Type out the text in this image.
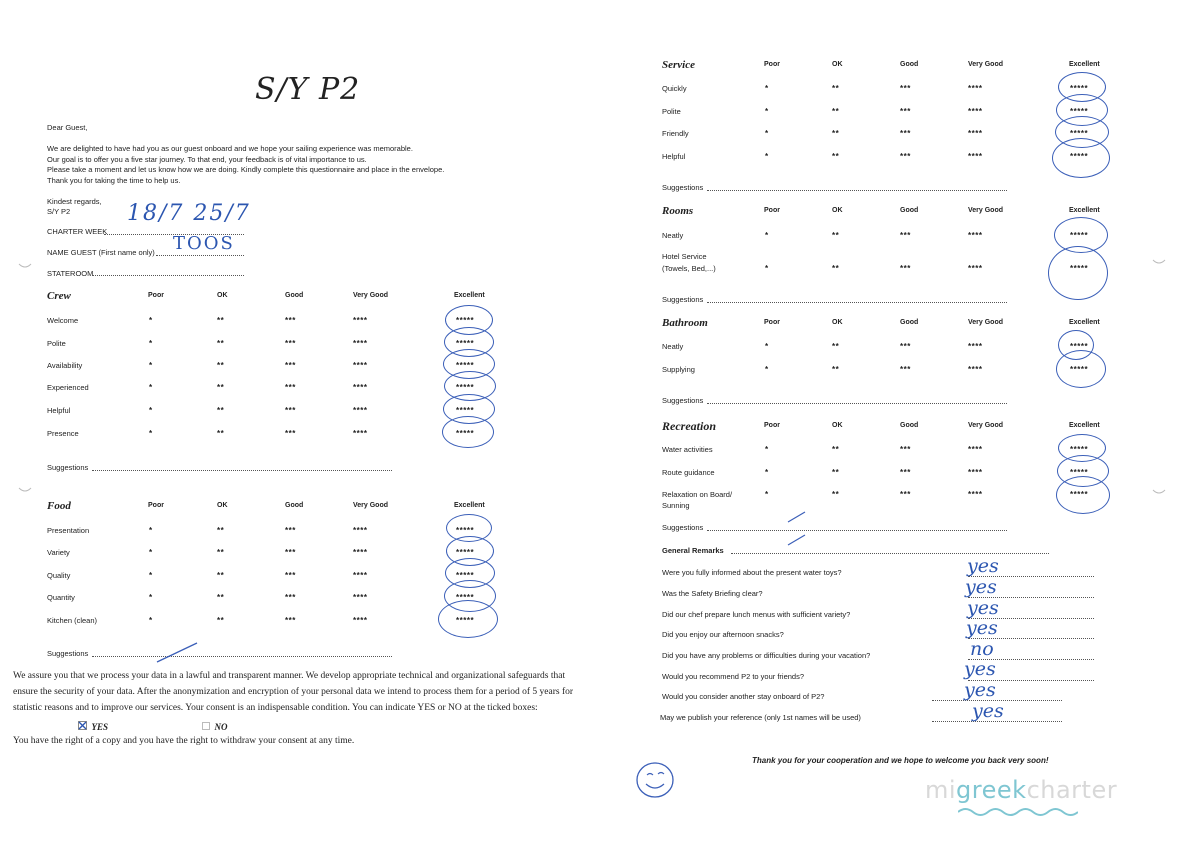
S/Y P2
Dear Guest,
We are delighted to have had you as our guest onboard and we hope your sailing experience was memorable.
Our goal is to offer you a five star journey. To that end, your feedback is of vital importance to us.
Please take a moment and let us know how we are doing. Kindly complete this questionnaire and place in the envelope.
Thank you for taking the time to help us.
Kindest regards,
S/Y P2
CHARTER WEEK
18/7 25/7
NAME GUEST (First name only) TOOS
STATEROOM
Crew	Poor	OK	Good	Very Good	Excellent
Welcome	*	**	***	****	*****
Polite	*	**	***	****	*****
Availability	*	**	***	****	*****
Experienced	*	**	***	****	*****
Helpful	*	**	***	****	*****
Presence	*	**	***	****	*****
Suggestions
Food	Poor	OK	Good	Very Good	Excellent
Presentation	*	**	***	****	*****
Variety	*	**	***	****	*****
Quality	*	**	***	****	*****
Quantity	*	**	***	****	*****
Kitchen (clean)	*	**	***	****	*****
Suggestions
We assure you that we process your data in a lawful and transparent manner. We develop appropriate technical and organizational safeguards that
ensure the security of your data. After the anonymization and encryption of your personal data we intend to process them for a period of 5 years for
statistic reasons and to improve our services. Your consent is an indispensable condition. You can indicate YES or NO at the ticked boxes:
YES	NO
You have the right of a copy and you have the right to withdraw your consent at any time.
Service	Poor	OK	Good	Very Good	Excellent
Quickly	*	**	***	****	*****
Polite	*	**	***	****	*****
Friendly	*	**	***	****	*****
Helpful	*	**	***	****	*****
Suggestions
Rooms	Poor	OK	Good	Very Good	Excellent
Neatly	*	**	***	****	*****
Hotel Service
(Towels, Bed,...)	*	**	***	****	*****
Suggestions
Bathroom	Poor	OK	Good	Very Good	Excellent
Neatly	*	**	***	****	*****
Supplying	*	**	***	****	*****
Suggestions
Recreation	Poor	OK	Good	Very Good	Excellent
Water activities	*	**	***	****	*****
Route guidance	*	**	***	****	*****
Relaxation on Board/
Sunning
*	**	***	****	*****
Suggestions
General Remarks
Were you fully informed about the present water toys?	yes
Was the Safety Briefing clear?	yes
Did our chef prepare lunch menus with sufficient variety?	yes
Did you enjoy our afternoon snacks?	yes
Did you have any problems or difficulties during your vacation?	no
Would you recommend P2 to your friends?	yes
Would you consider another stay onboard of P2?	yes
May we publish your reference (only 1st names will be used)	yes
Thank you for your cooperation and we hope to welcome you back very soon!
migreekcharter
